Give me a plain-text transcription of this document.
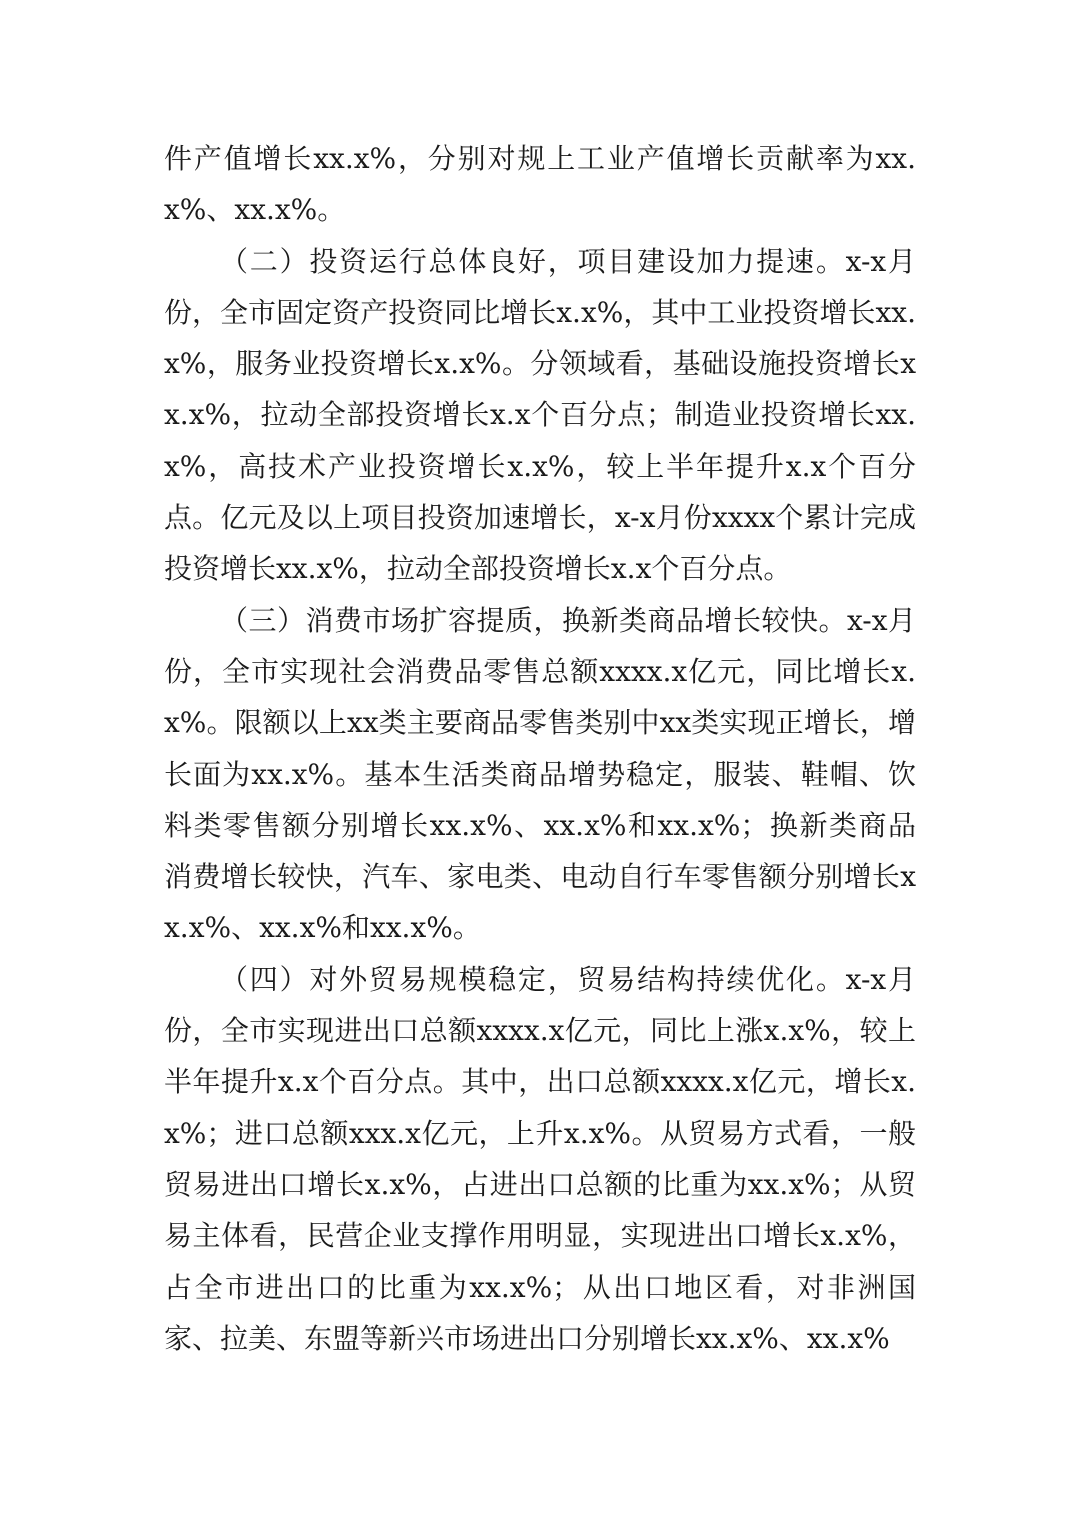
件产值增长xx.x%，分别对规上工业产值增长贡献率为xx.x%、xx.x%。

（二）投资运行总体良好，项目建设加力提速。x-x月份，全市固定资产投资同比增长x.x%，其中工业投资增长xx.x%，服务业投资增长x.x%。分领域看，基础设施投资增长xx.x%，拉动全部投资增长x.x个百分点；制造业投资增长xx.x%，高技术产业投资增长x.x%，较上半年提升x.x个百分点。亿元及以上项目投资加速增长，x-x月份xxxx个累计完成投资增长xx.x%，拉动全部投资增长x.x个百分点。

（三）消费市场扩容提质，换新类商品增长较快。x-x月份，全市实现社会消费品零售总额xxxx.x亿元，同比增长x.x%。限额以上xx类主要商品零售类别中xx类实现正增长，增长面为xx.x%。基本生活类商品增势稳定，服装、鞋帽、饮料类零售额分别增长xx.x%、xx.x%和xx.x%；换新类商品消费增长较快，汽车、家电类、电动自行车零售额分别增长xx.x%、xx.x%和xx.x%。

（四）对外贸易规模稳定，贸易结构持续优化。x-x月份，全市实现进出口总额xxxx.x亿元，同比上涨x.x%，较上半年提升x.x个百分点。其中，出口总额xxxx.x亿元，增长x.x%；进口总额xxx.x亿元，上升x.x%。从贸易方式看，一般贸易进出口增长x.x%，占进出口总额的比重为xx.x%；从贸易主体看，民营企业支撑作用明显，实现进出口增长x.x%，占全市进出口的比重为xx.x%；从出口地区看，对非洲国家、拉美、东盟等新兴市场进出口分别增长xx.x%、xx.x%
